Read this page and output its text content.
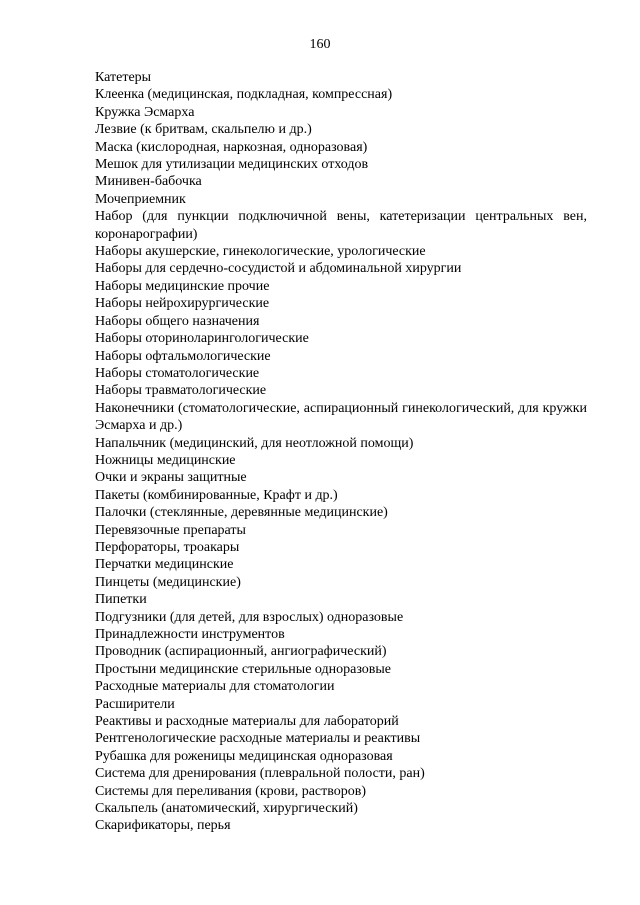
160
Катетеры
Клеенка (медицинская, подкладная, компрессная)
Кружка Эсмарха
Лезвие (к бритвам, скальпелю и др.)
Маска (кислородная, наркозная, одноразовая)
Мешок для утилизации медицинских отходов
Миниве‍н-бабочка
Мочеприемник
Набор (для пункции подключичной вены, катетеризации центральных вен, коронарографии)
Наборы акушерские, гинекологические, урологические
Наборы для сердечно-сосудистой и абдоминальной хирургии
Наборы медицинские прочие
Наборы нейрохирургические
Наборы общего назначения
Наборы оториноларингологические
Наборы офтальмологические
Наборы стоматологические
Наборы травматологические
Наконечники (стоматологические, аспирационный гинекологический, для кружки Эсмарха и др.)
Напальчник (медицинский, для неотложной помощи)
Ножницы медицинские
Очки и экраны защитные
Пакеты (комбинированные, Крафт и др.)
Палочки (стеклянные, деревянные медицинские)
Перевязочные препараты
Перфораторы, троакары
Перчатки медицинские
Пинцеты (медицинские)
Пипетки
Подгузники (для детей, для взрослых) одноразовые
Принадлежности инструментов
Проводник (аспирационный, ангиографический)
Простыни медицинские стерильные одноразовые
Расходные материалы для стоматологии
Расширители
Реактивы и расходные материалы для лабораторий
Рентгенологические расходные материалы и реактивы
Рубашка для роженицы медицинская одноразовая
Система для дренирования (плевральной полости, ран)
Системы для переливания (крови, растворов)
Скальпель (анатомический, хирургический)
Скарификаторы, перья
